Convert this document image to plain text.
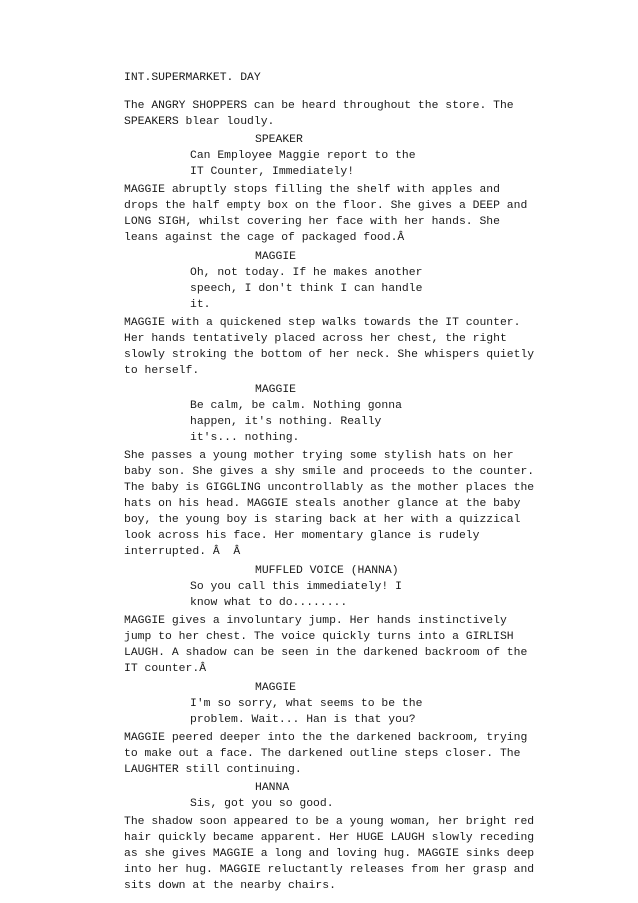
INT.SUPERMARKET. DAY
The ANGRY SHOPPERS can be heard throughout the store. The
SPEAKERS blear loudly.
SPEAKER
Can Employee Maggie report to the
IT Counter, Immediately!
MAGGIE abruptly stops filling the shelf with apples and
drops the half empty box on the floor. She gives a DEEP and
LONG SIGH, whilst covering her face with her hands. She
leans against the cage of packaged food.Â
MAGGIE
Oh, not today. If he makes another
speech, I don't think I can handle
it.
MAGGIE with a quickened step walks towards the IT counter.
Her hands tentatively placed across her chest, the right
slowly stroking the bottom of her neck. She whispers quietly
to herself.
MAGGIE
Be calm, be calm. Nothing gonna
happen, it's nothing. Really
it's... nothing.
She passes a young mother trying some stylish hats on her
baby son. She gives a shy smile and proceeds to the counter.
The baby is GIGGLING uncontrollably as the mother places the
hats on his head. MAGGIE steals another glance at the baby
boy, the young boy is staring back at her with a quizzical
look across his face. Her momentary glance is rudely
interrupted. Â  Â
MUFFLED VOICE (HANNA)
So you call this immediately! I
know what to do........
MAGGIE gives a involuntary jump. Her hands instinctively
jump to her chest. The voice quickly turns into a GIRLISH
LAUGH. A shadow can be seen in the darkened backroom of the
IT counter.Â
MAGGIE
I'm so sorry, what seems to be the
problem. Wait... Han is that you?
MAGGIE peered deeper into the the darkened backroom, trying
to make out a face. The darkened outline steps closer. The
LAUGHTER still continuing.
HANNA
Sis, got you so good.
The shadow soon appeared to be a young woman, her bright red
hair quickly became apparent. Her HUGE LAUGH slowly receding
as she gives MAGGIE a long and loving hug. MAGGIE sinks deep
into her hug. MAGGIE reluctantly releases from her grasp and
sits down at the nearby chairs.
